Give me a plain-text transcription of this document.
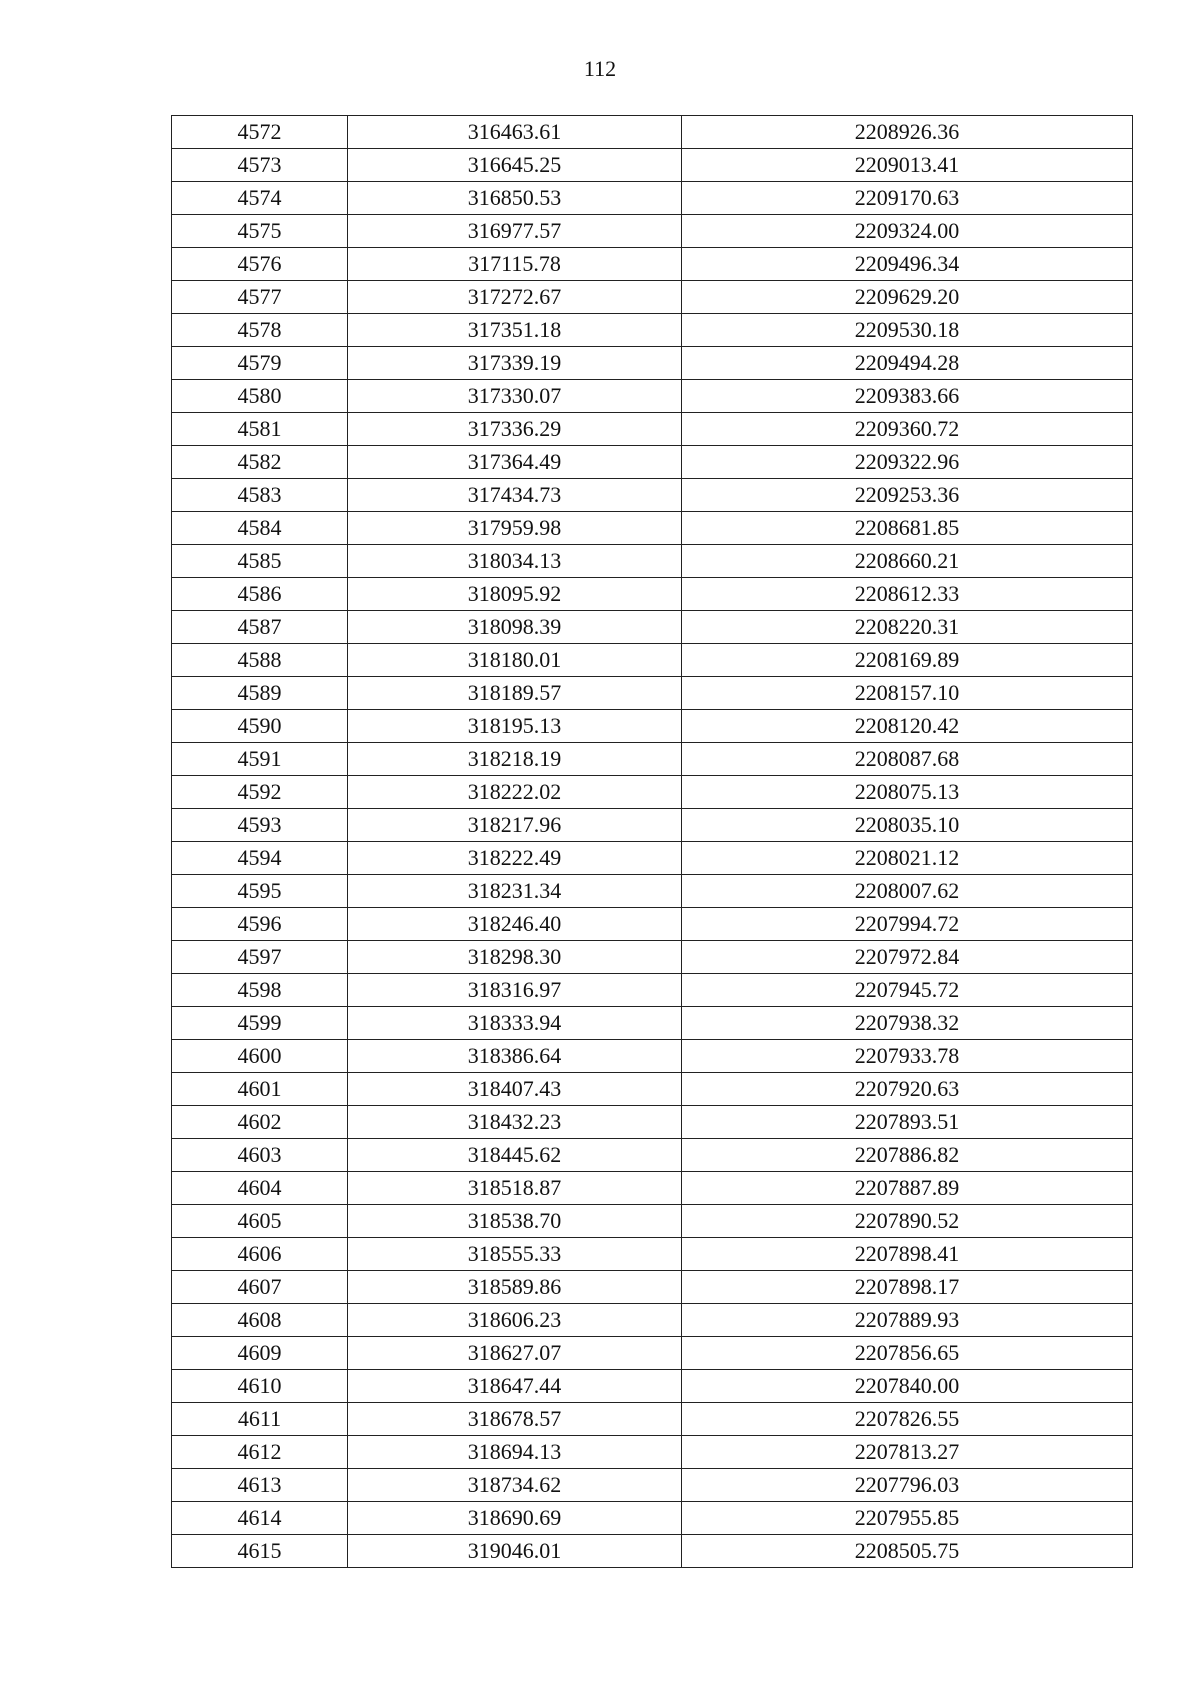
112
4572	316463.61	2208926.36
4573	316645.25	2209013.41
4574	316850.53	2209170.63
4575	316977.57	2209324.00
4576	317115.78	2209496.34
4577	317272.67	2209629.20
4578	317351.18	2209530.18
4579	317339.19	2209494.28
4580	317330.07	2209383.66
4581	317336.29	2209360.72
4582	317364.49	2209322.96
4583	317434.73	2209253.36
4584	317959.98	2208681.85
4585	318034.13	2208660.21
4586	318095.92	2208612.33
4587	318098.39	2208220.31
4588	318180.01	2208169.89
4589	318189.57	2208157.10
4590	318195.13	2208120.42
4591	318218.19	2208087.68
4592	318222.02	2208075.13
4593	318217.96	2208035.10
4594	318222.49	2208021.12
4595	318231.34	2208007.62
4596	318246.40	2207994.72
4597	318298.30	2207972.84
4598	318316.97	2207945.72
4599	318333.94	2207938.32
4600	318386.64	2207933.78
4601	318407.43	2207920.63
4602	318432.23	2207893.51
4603	318445.62	2207886.82
4604	318518.87	2207887.89
4605	318538.70	2207890.52
4606	318555.33	2207898.41
4607	318589.86	2207898.17
4608	318606.23	2207889.93
4609	318627.07	2207856.65
4610	318647.44	2207840.00
4611	318678.57	2207826.55
4612	318694.13	2207813.27
4613	318734.62	2207796.03
4614	318690.69	2207955.85
4615	319046.01	2208505.75
